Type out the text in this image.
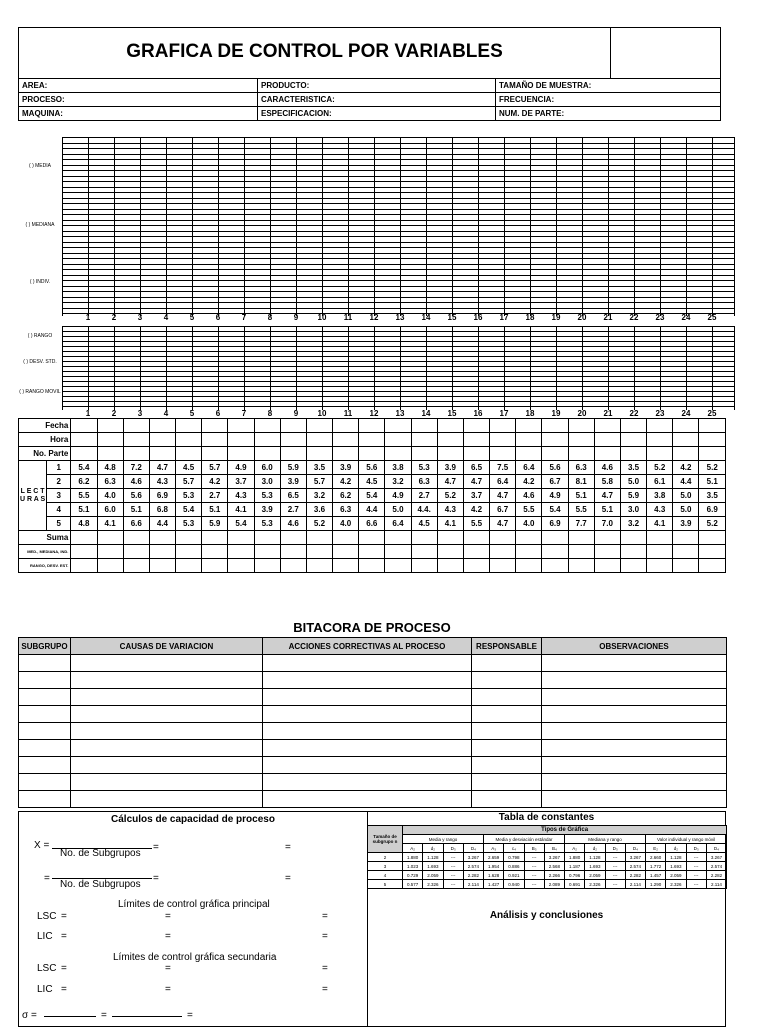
GRAFICA DE CONTROL POR VARIABLES
AREA:	PRODUCTO:	TAMAÑO DE MUESTRA:
PROCESO:	CARACTERISTICA:	FRECUENCIA:
MAQUINA:	ESPECIFICACION:	NUM. DE PARTE:
( ) MEDIA
( ) MEDIANA
( ) INDIV.
1	2	3	4	5	6	7	8	9	10	11	12	13	14	15	16	17	18	19	20	21	22	23	24	25
( ) RANGO
( ) DESV. STD.
( ) RANGO MOVIL
1	2	3	4	5	6	7	8	9	10	11	12	13	14	15	16	17	18	19	20	21	22	23	24	25
Fecha																										
Hora																										
No. Parte																										
L E C T U R A S	1	5.4	4.8	7.2	4.7	4.5	5.7	4.9	6.0	5.9	3.5	3.9	5.6	3.8	5.3	3.9	6.5	7.5	6.4	5.6	6.3	4.6	3.5	5.2	4.2	5.2
	2	6.2	6.3	4.6	4.3	5.7	4.2	3.7	3.0	3.9	5.7	4.2	4.5	3.2	6.3	4.7	4.7	6.4	4.2	6.7	8.1	5.8	5.0	6.1	4.4	5.1
	3	5.5	4.0	5.6	6.9	5.3	2.7	4.3	5.3	6.5	3.2	6.2	5.4	4.9	2.7	5.2	3.7	4.7	4.6	4.9	5.1	4.7	5.9	3.8	5.0	3.5
	4	5.1	6.0	5.1	6.8	5.4	5.1	4.1	3.9	2.7	3.6	6.3	4.4	5.0	4.4.	4.3	4.2	6.7	5.5	5.4	5.5	5.1	3.0	4.3	5.0	6.9
	5	4.8	4.1	6.6	4.4	5.3	5.9	5.4	5.3	4.6	5.2	4.0	6.6	6.4	4.5	4.1	5.5	4.7	4.0	6.9	7.7	7.0	3.2	4.1	3.9	5.2
Suma																										
MED., MEDIANA, IND.																										
RANGO, DESV. EST.																										
BITACORA DE PROCESO
SUBGRUPO	CAUSAS DE VARIACION	ACCIONES CORRECTIVAS AL PROCESO	RESPONSABLE	OBSERVACIONES

Cálculos de capacidad de proceso
X =
No. de Subgrupos
=	=
=
No. de Subgrupos
=	=
Límites de control gráfica principal
LSC =	=	=
LIC =	=	=
Límites de control gráfica secundaria
LSC =	=	=
LIC =	=	=
σ =	=	=
Tabla de constantes
Tamaño de subgrupo n	Tipos de Gráfica															
	Media y rango				Media y desviación estándar				Mediana y rango				Valor individual y rango móvil			
	A₂	d₂	D₃	D₄	A₃	c₄	B₃	B₄	A₂	d₂	D₃	D₄	E₂	d₂	D₃	D₄
2	1.880	1.128	---	3.267	2.659	0.798	---	3.267	1.880	1.128	---	3.267	2.660	1.128	---	3.267
3	1.023	1.693	---	2.574	1.954	0.886	---	2.568	1.187	1.693	---	2.574	1.772	1.693	---	2.574
4	0.729	2.059	---	2.282	1.628	0.921	---	2.266	0.796	2.059	---	2.282	1.457	2.059	---	2.282
5	0.577	2.326	---	2.114	1.427	0.940	---	2.089	0.691	2.326	---	2.114	1.290	2.326	---	2.114
Análisis y conclusiones
